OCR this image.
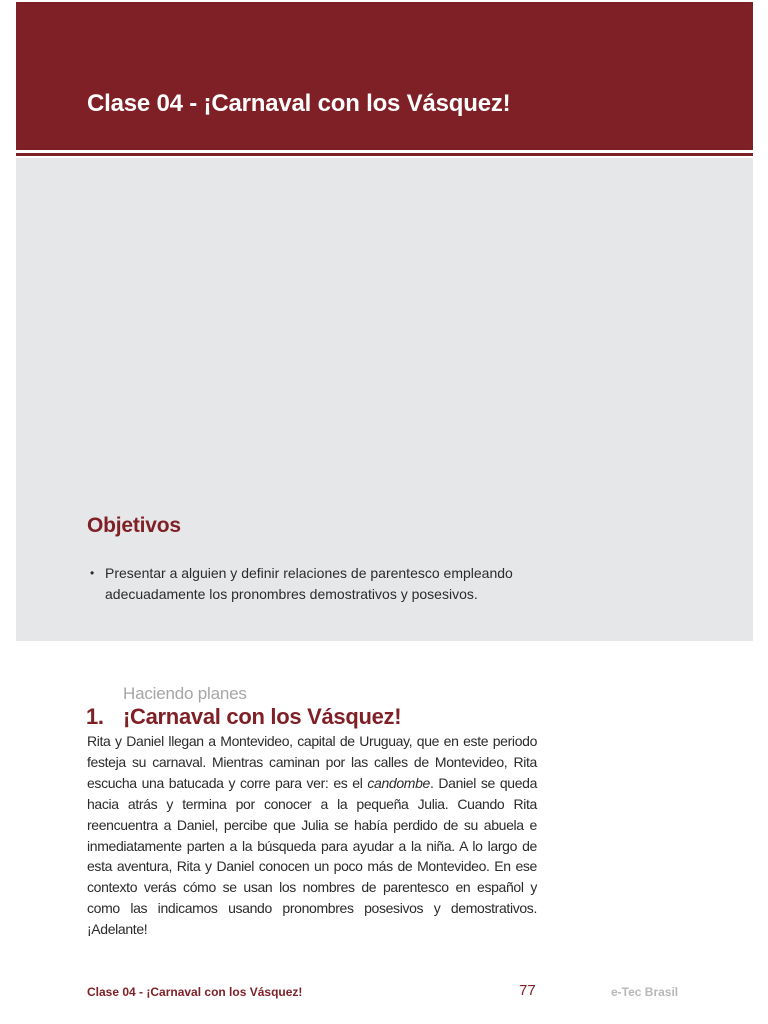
Clase 04 - ¡Carnaval con los Vásquez!
Objetivos
• Presentar a alguien y definir relaciones de parentesco empleando adecuadamente los pronombres demostrativos y posesivos.
Haciendo planes
1. ¡Carnaval con los Vásquez!

Rita y Daniel llegan a Montevideo, capital de Uruguay, que en este periodo festeja su carnaval. Mientras caminan por las calles de Montevideo, Rita escucha una batucada y corre para ver: es el candombe. Daniel se queda hacia atrás y termina por conocer a la pequeña Julia. Cuando Rita reencuentra a Daniel, percibe que Julia se había perdido de su abuela e inmediatamente parten a la búsqueda para ayudar a la niña. A lo largo de esta aventura, Rita y Daniel conocen un poco más de Montevideo. En ese contexto verás cómo se usan los nombres de parentesco en español y como las indicamos usando pronombres posesivos y demostrativos. ¡Adelante!

Clase 04 - ¡Carnaval con los Vásquez!	77	e-Tec Brasil
